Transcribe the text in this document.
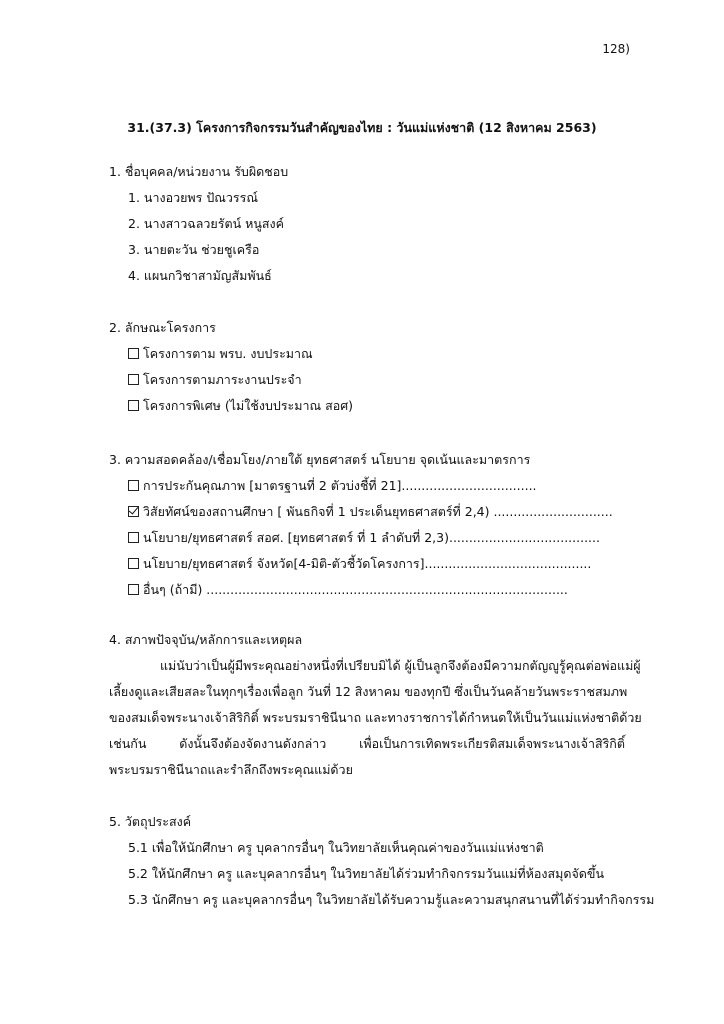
128)
31.(37.3) โครงการกิจกรรมวันสำคัญของไทย : วันแม่แห่งชาติ (12 สิงหาคม 2563)
1. ชื่อบุคคล/หน่วยงาน รับผิดชอบ
1. นางอวยพร ปัณวรรณ์
2. นางสาวฉลวยรัตน์ หนูสงค์
3. นายตะวัน ช่วยชูเครือ
4. แผนกวิชาสามัญสัมพันธ์
2. ลักษณะโครงการ
โครงการตาม พรบ. งบประมาณ
โครงการตามภาระงานประจำ
โครงการพิเศษ (ไม่ใช้งบประมาณ สอศ)
3. ความสอดคล้อง/เชื่อมโยง/ภายใต้ ยุทธศาสตร์ นโยบาย จุดเน้นและมาตรการ
การประกันคุณภาพ [มาตรฐานที่ 2 ตัวบ่งชี้ที่ 21]..................................
วิสัยทัศน์ของสถานศึกษา [ พันธกิจที่ 1 ประเด็นยุทธศาสตร์ที่ 2,4) ..............................
นโยบาย/ยุทธศาสตร์ สอศ. [ยุทธศาสตร์ ที่ 1 ลำดับที่ 2,3)......................................
นโยบาย/ยุทธศาสตร์ จังหวัด[4-มิติ-ตัวชี้วัดโครงการ]..........................................
อื่นๆ (ถ้ามี) ...........................................................................................
4. สภาพปัจจุบัน/หลักการและเหตุผล
แม่นับว่าเป็นผู้มีพระคุณอย่างหนึ่งที่เปรียบมิได้ ผู้เป็นลูกจึงต้องมีความกตัญญูรู้คุณต่อพ่อแม่ผู้
เลี้ยงดูและเสียสละในทุกๆเรื่องเพื่อลูก วันที่ 12 สิงหาคม ของทุกปี ซึ่งเป็นวันคล้ายวันพระราชสมภพ
ของสมเด็จพระนางเจ้าสิริกิติ์ พระบรมราชินีนาถ และทางราชการได้กำหนดให้เป็นวันแม่แห่งชาติด้วย
เช่นกัน ดังนั้นจึงต้องจัดงานดังกล่าว เพื่อเป็นการเทิดพระเกียรติสมเด็จพระนางเจ้าสิริกิติ์
พระบรมราชินีนาถและรำลึกถึงพระคุณแม่ด้วย
5. วัตถุประสงค์
5.1 เพื่อให้นักศึกษา ครู บุคลากรอื่นๆ ในวิทยาลัยเห็นคุณค่าของวันแม่แห่งชาติ
5.2 ให้นักศึกษา ครู และบุคลากรอื่นๆ ในวิทยาลัยได้ร่วมทำกิจกรรมวันแม่ที่ห้องสมุดจัดขึ้น
5.3 นักศึกษา ครู และบุคลากรอื่นๆ ในวิทยาลัยได้รับความรู้และความสนุกสนานที่ได้ร่วมทำกิจกรรม
